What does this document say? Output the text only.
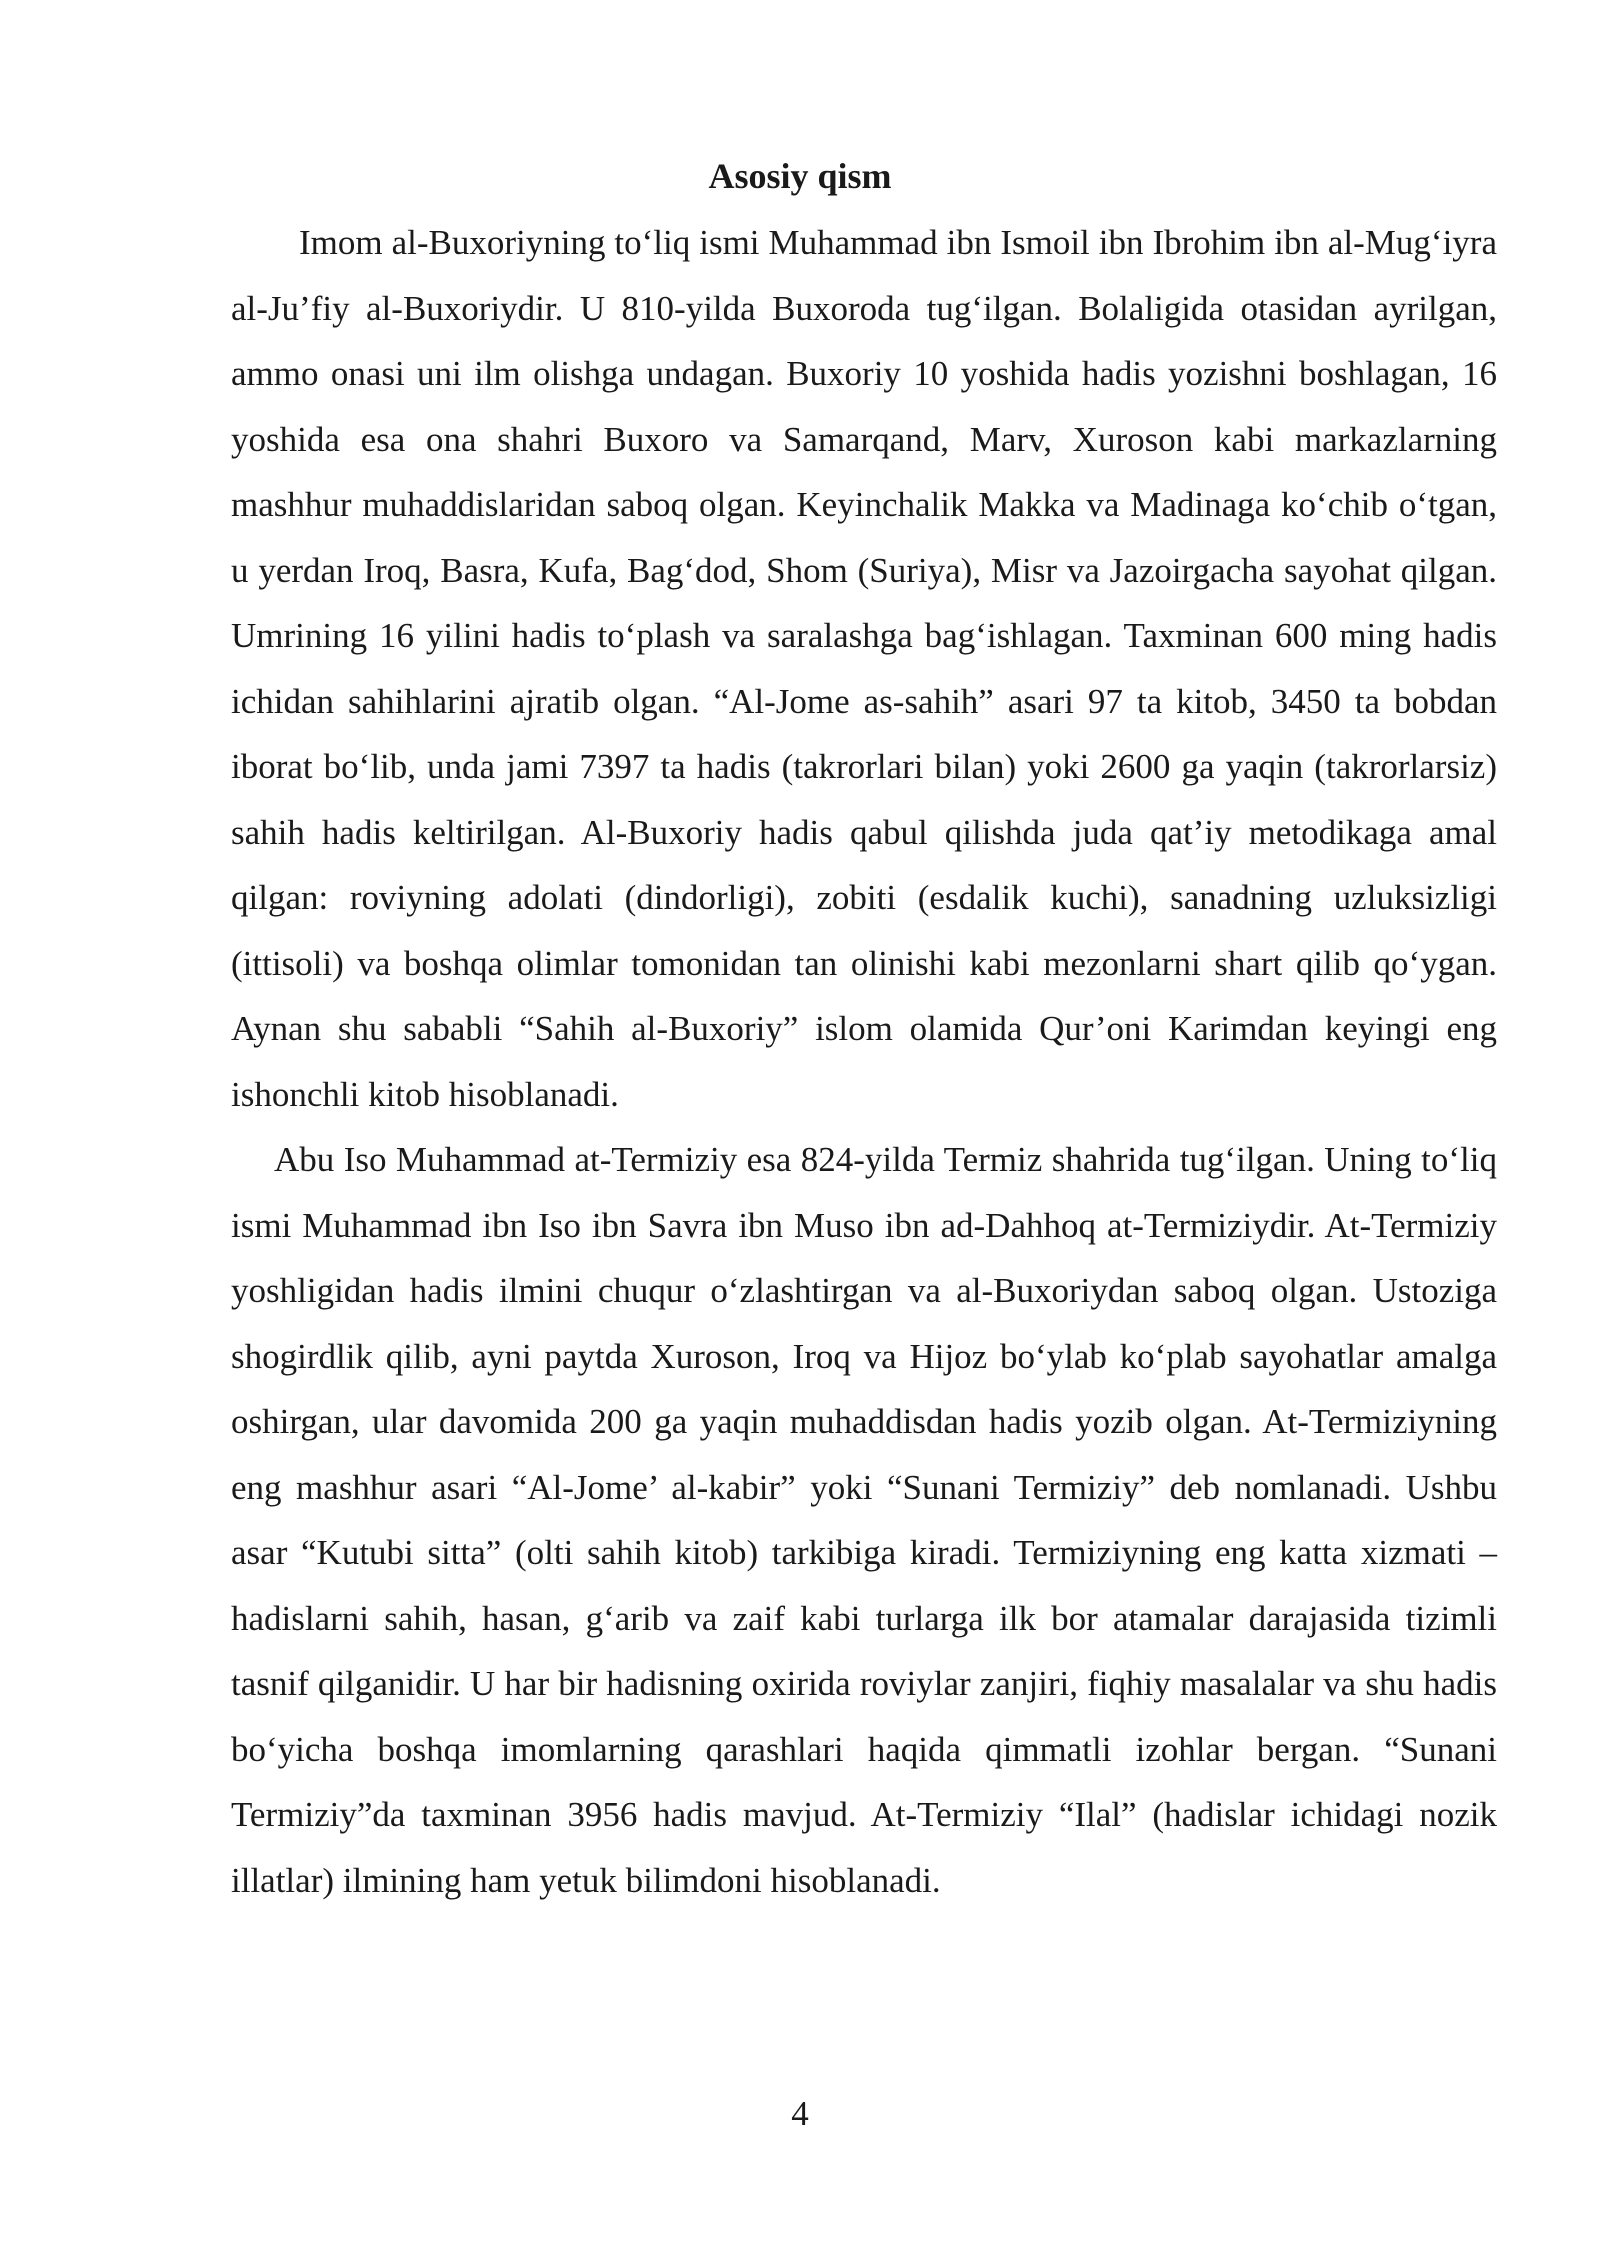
Asosiy qism

Imom al-Buxoriyning to‘liq ismi Muhammad ibn Ismoil ibn Ibrohim ibn al-Mug‘iyra al-Ju’fiy al-Buxoriydir. U 810-yilda Buxoroda tug‘ilgan. Bolaligida otasidan ayrilgan, ammo onasi uni ilm olishga undagan. Buxoriy 10 yoshida hadis yozishni boshlagan, 16 yoshida esa ona shahri Buxoro va Samarqand, Marv, Xuroson kabi markazlarning mashhur muhaddislaridan saboq olgan. Keyinchalik Makka va Madinaga ko‘chib o‘tgan, u yerdan Iroq, Basra, Kufa, Bag‘dod, Shom (Suriya), Misr va Jazoirgacha sayohat qilgan. Umrining 16 yilini hadis to‘plash va saralashga bag‘ishlagan. Taxminan 600 ming hadis ichidan sahihlarini ajratib olgan. “Al-Jome as-sahih” asari 97 ta kitob, 3450 ta bobdan iborat bo‘lib, unda jami 7397 ta hadis (takrorlari bilan) yoki 2600 ga yaqin (takrorlarsiz) sahih hadis keltirilgan. Al-Buxoriy hadis qabul qilishda juda qat’iy metodikaga amal qilgan: roviyning adolati (dindorligi), zobiti (esdalik kuchi), sanadning uzluksizligi (ittisoli) va boshqa olimlar tomonidan tan olinishi kabi mezonlarni shart qilib qo‘ygan. Aynan shu sababli “Sahih al-Buxoriy” islom olamida Qur’oni Karimdan keyingi eng ishonchli kitob hisoblanadi.

Abu Iso Muhammad at-Termiziy esa 824-yilda Termiz shahrida tug‘ilgan. Uning to‘liq ismi Muhammad ibn Iso ibn Savra ibn Muso ibn ad-Dahhoq at-Termiziydir. At-Termiziy yoshligidan hadis ilmini chuqur o‘zlashtirgan va al-Buxoriydan saboq olgan. Ustoziga shogirdlik qilib, ayni paytda Xuroson, Iroq va Hijoz bo‘ylab ko‘plab sayohatlar amalga oshirgan, ular davomida 200 ga yaqin muhaddisdan hadis yozib olgan. At-Termiziyning eng mashhur asari “Al-Jome’ al-kabir” yoki “Sunani Termiziy” deb nomlanadi. Ushbu asar “Kutubi sitta” (olti sahih kitob) tarkibiga kiradi. Termiziyning eng katta xizmati – hadislarni sahih, hasan, g‘arib va zaif kabi turlarga ilk bor atamalar darajasida tizimli tasnif qilganidir. U har bir hadisning oxirida roviylar zanjiri, fiqhiy masalalar va shu hadis bo‘yicha boshqa imomlarning qarashlari haqida qimmatli izohlar bergan. “Sunani Termiziy”da taxminan 3956 hadis mavjud. At-Termiziy “Ilal” (hadislar ichidagi nozik illatlar) ilmining ham yetuk bilimdoni hisoblanadi.

4
